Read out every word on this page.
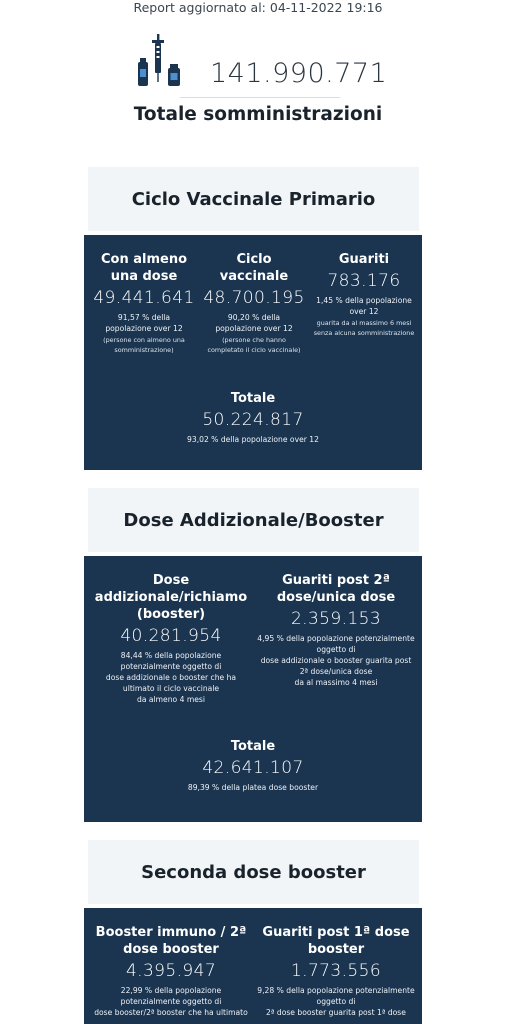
Report aggiornato al: 04-11-2022 19:16
141.990.771
Totale somministrazioni
Ciclo Vaccinale Primario
Con almeno
una dose
49.441.641
91,57 % della
popolazione over 12
(persone con almeno una
somministrazione)
Ciclo
vaccinale
48.700.195
90,20 % della
popolazione over 12
(persone che hanno
completato il ciclo vaccinale)
Guariti
783.176
1,45 % della popolazione
over 12
guarita da al massimo 6 mesi
senza alcuna somministrazione
Totale
50.224.817
93,02 % della popolazione over 12
Dose Addizionale/Booster
Dose
addizionale/richiamo
(booster)
40.281.954
84,44 % della popolazione
potenzialmente oggetto di
dose addizionale o booster che ha
ultimato il ciclo vaccinale
da almeno 4 mesi
Guariti post 2ª
dose/unica dose
2.359.153
4,95 % della popolazione potenzialmente
oggetto di
dose addizionale o booster guarita post
2ª dose/unica dose
da al massimo 4 mesi
Totale
42.641.107
89,39 % della platea dose booster
Seconda dose booster
Booster immuno / 2ª
dose booster
4.395.947
22,99 % della popolazione
potenzialmente oggetto di
dose booster/2ª booster che ha ultimato
Guariti post 1ª dose
booster
1.773.556
9,28 % della popolazione potenzialmente
oggetto di
2ª dose booster guarita post 1ª dose
